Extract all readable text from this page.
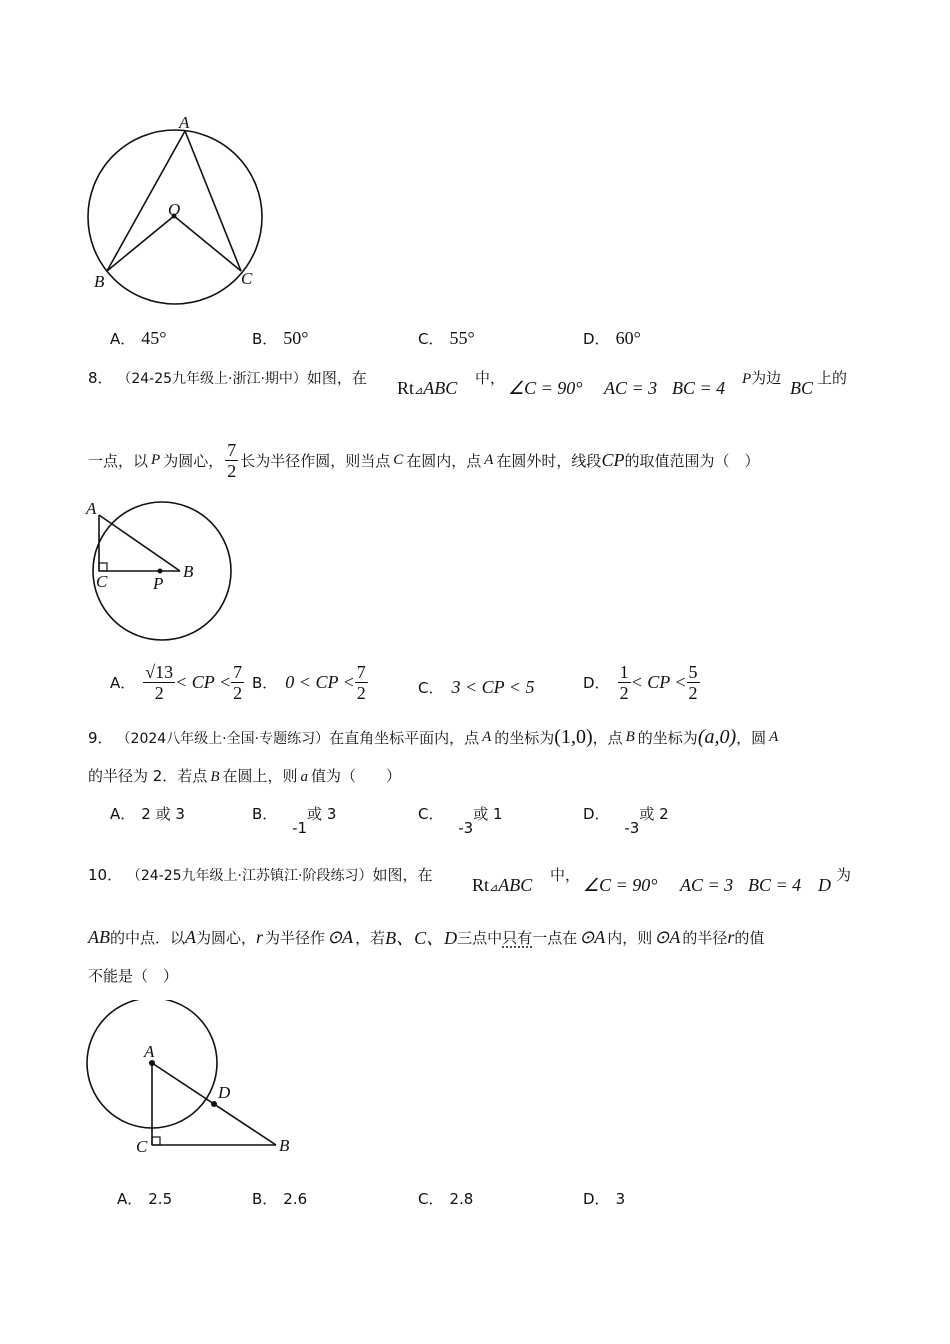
A
O
B	C
A． 45°	B． 50°	C． 55°	D． 60°
8． （24-25九年级上·浙江·期中）如图，在 Rt⊿ABC 中， ∠C = 90° AC = 3 BC = 4 P为边 BC 上的
一点，以 P 为圆心， $\frac{7}{2}$ 长为半径作圆，则当点 C 在圆内，点 A 在圆外时，线段 CP 的取值范围为（　）
A
C	P
B
A． $\frac{√13}{2}$ < CP < $\frac{7}{2}$ B． 0 < CP < $\frac{7}{2}$	C． 3 < CP < 5	D． $\frac{1}{2}$ < CP < $\frac{5}{2}$
9． （2024八年级上·全国·专题练习） 在直角坐标平面内，点 A 的坐标为 (1,0) ，点 B 的坐标为 (a,0) ，圆 A
的半径为 2．若点 B 在圆上，则 a 值为（　　）
A． 2 或 3	B． -1或 3	C． -3或 1	D． -3或 2
10． （24-25九年级上·江苏镇江·阶段练习）如图，在 Rt⊿ABC 中， ∠C = 90° AC = 3 BC = 4 D 为
AB 的中点．以 A 为圆心， r 为半径作 ⊙A ，若 B、C、D 三点中 只有 一点在 ⊙A 内，则 ⊙A 的半径 r 的值
不能是（　）
A
D
C	B
A． 2.5	B． 2.6	C． 2.8	D． 3
